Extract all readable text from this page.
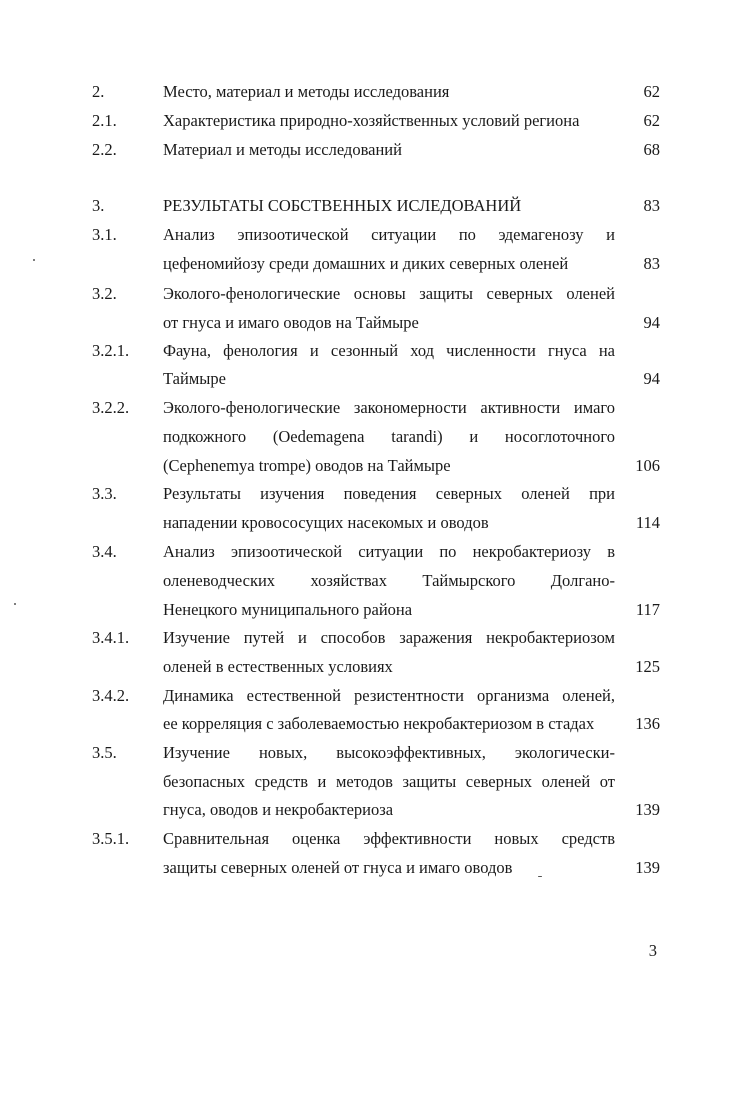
2.	Место, материал и методы исследования	62
2.1.	Характеристика природно-хозяйственных условий региона	62
2.2.	Материал и методы исследований	68
3.	РЕЗУЛЬТАТЫ СОБСТВЕННЫХ ИСЛЕДОВАНИЙ	83
3.1.	Анализ эпизоотической ситуации по эдемагенозу и
цефеномийозу среди домашних и диких северных оленей	83
3.2.	Эколого-фенологические основы защиты северных оленей
от гнуса и имаго оводов на Таймыре	94
3.2.1. Фауна, фенология и сезонный ход численности гнуса на
Таймыре	94
3.2.2. Эколого-фенологические закономерности активности имаго
подкожного (Oedemagena tarandi) и носоглоточного
(Cephenemya trompe) оводов на Таймыре	106
3.3.	Результаты изучения поведения северных оленей при
нападении кровососущих насекомых и оводов	114
3.4.	Анализ эпизоотической ситуации по некробактериозу в
оленеводческих хозяйствах Таймырского Долгано-
Ненецкого муниципального района	117
3.4.1. Изучение путей и способов заражения некробактериозом
оленей в естественных условиях	125
3.4.2. Динамика естественной резистентности организма оленей,
ее корреляция с заболеваемостью некробактериозом в стадах 136
3.5.	Изучение новых, высокоэффективных, экологически-
безопасных средств и методов защиты северных оленей от
гнуса, оводов и некробактериоза	139
3.5.1. Сравнительная оценка эффективности новых средств
защиты северных оленей от гнуса и имаго оводов	139
3
